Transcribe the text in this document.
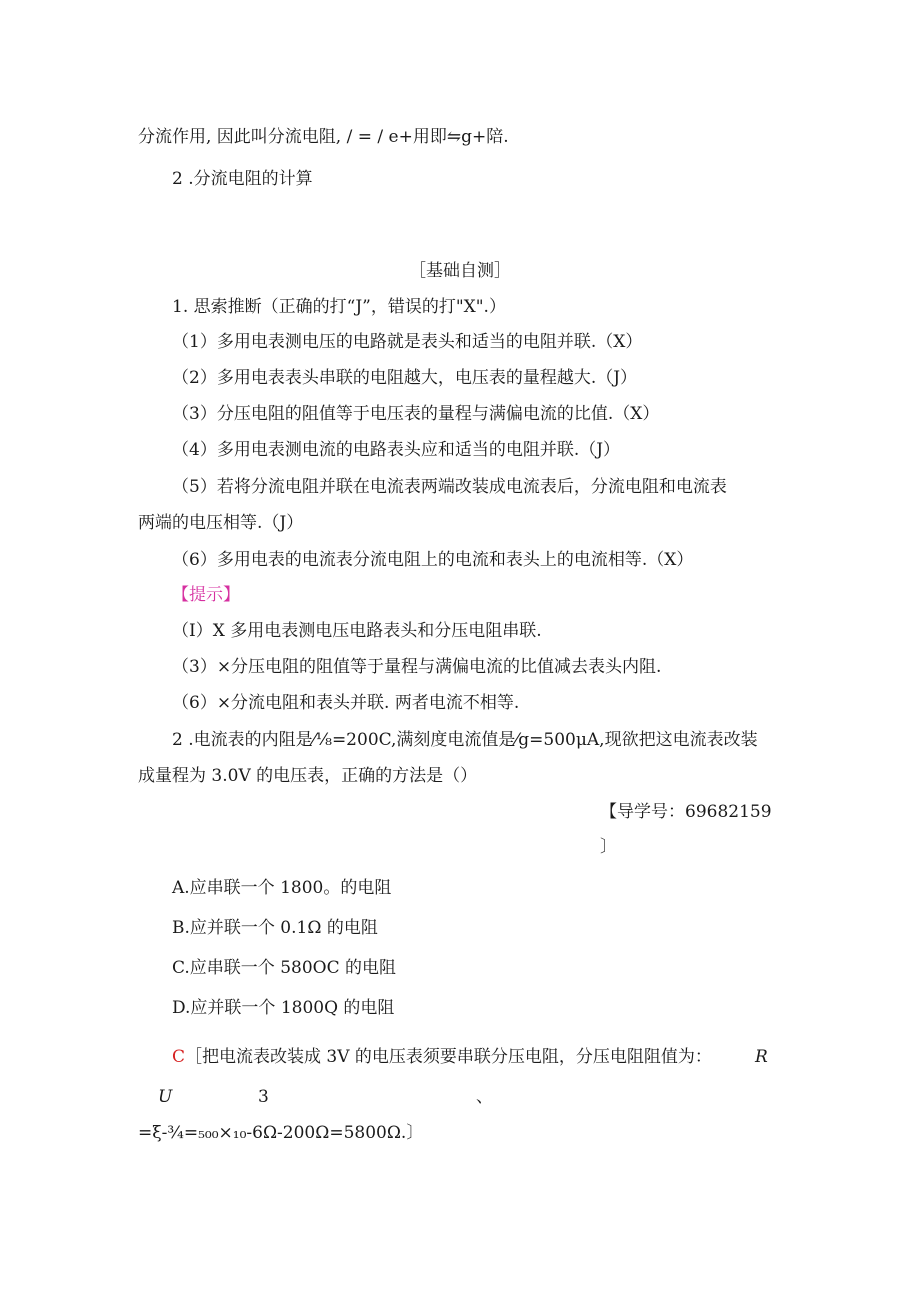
分流作用, 因此叫分流电阻, / = / e+用即⇋g+陪.
2 .分流电阻的计算
［基础自测］
1. 思索推断（正确的打“J”，错误的打"X".）
（1）多用电表测电压的电路就是表头和适当的电阻并联.（X）
（2）多用电表表头串联的电阻越大，电压表的量程越大.（J）
（3）分压电阻的阻值等于电压表的量程与满偏电流的比值.（X）
（4）多用电表测电流的电路表头应和适当的电阻并联.（J）
（5）若将分流电阻并联在电流表两端改装成电流表后，分流电阻和电流表
两端的电压相等.（J）
（6）多用电表的电流表分流电阻上的电流和表头上的电流相等.（X）
【提示】
（I）X 多用电表测电压电路表头和分压电阻串联.
（3）×分压电阻的阻值等于量程与满偏电流的比值减去表头内阻.
（6）×分流电阻和表头并联. 两者电流不相等.
2 .电流表的内阻是⁄⅛=200C,满刻度电流值是⁄g=500μA,现欲把这电流表改装
成量程为 3.0V 的电压表，正确的方法是（）
【导学号：69682159
〕
A.应串联一个 1800。的电阻
B.应并联一个 0.1Ω 的电阻
C.应串联一个 580OC 的电阻
D.应并联一个 1800Q 的电阻
C［把电流表改装成 3V 的电压表须要串联分压电阻，分压电阻阻值为：	R
U	3	、
=ξ-¾=₅₀₀×₁₀-6Ω-200Ω=5800Ω.〕
